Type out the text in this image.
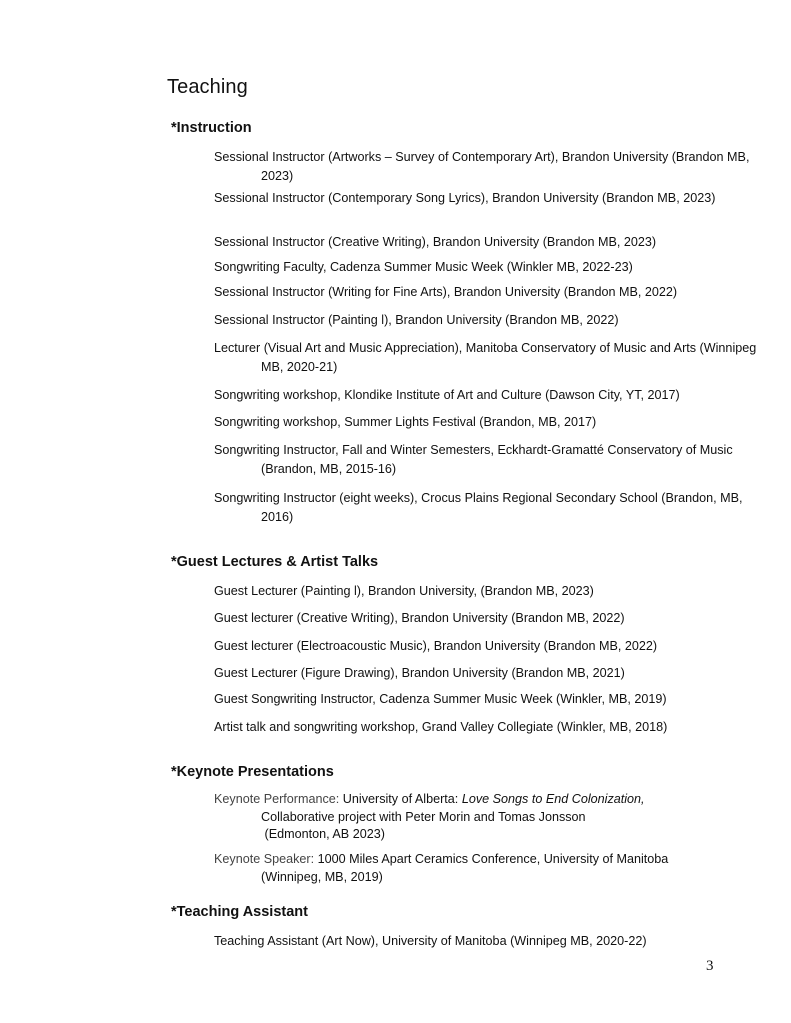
Teaching
*Instruction

Sessional Instructor (Artworks – Survey of Contemporary Art), Brandon University (Brandon MB, 2023)

Sessional Instructor (Contemporary Song Lyrics), Brandon University (Brandon MB, 2023)

Sessional Instructor (Creative Writing), Brandon University (Brandon MB, 2023)

Songwriting Faculty, Cadenza Summer Music Week (Winkler MB, 2022-23)

Sessional Instructor (Writing for Fine Arts), Brandon University (Brandon MB, 2022)

Sessional Instructor (Painting l), Brandon University (Brandon MB, 2022)

Lecturer (Visual Art and Music Appreciation), Manitoba Conservatory of Music and Arts (Winnipeg MB, 2020-21)

Songwriting workshop, Klondike Institute of Art and Culture (Dawson City, YT, 2017)

Songwriting workshop, Summer Lights Festival (Brandon, MB, 2017)

Songwriting Instructor, Fall and Winter Semesters, Eckhardt-Gramatté Conservatory of Music (Brandon, MB, 2015-16)

Songwriting Instructor (eight weeks), Crocus Plains Regional Secondary School (Brandon, MB, 2016)

*Guest Lectures & Artist Talks

Guest Lecturer (Painting l), Brandon University, (Brandon MB, 2023)

Guest lecturer (Creative Writing), Brandon University (Brandon MB, 2022)

Guest lecturer (Electroacoustic Music), Brandon University (Brandon MB, 2022)

Guest Lecturer (Figure Drawing), Brandon University (Brandon MB, 2021)

Guest Songwriting Instructor, Cadenza Summer Music Week (Winkler, MB, 2019)

Artist talk and songwriting workshop, Grand Valley Collegiate (Winkler, MB, 2018)

*Keynote Presentations
Keynote Performance: University of Alberta: Love Songs to End Colonization,
Collaborative project with Peter Morin and Tomas Jonsson
(Edmonton, AB 2023)
Keynote Speaker: 1000 Miles Apart Ceramics Conference, University of Manitoba
(Winnipeg, MB, 2019)
*Teaching Assistant

Teaching Assistant (Art Now), University of Manitoba (Winnipeg MB, 2020-22)

3
